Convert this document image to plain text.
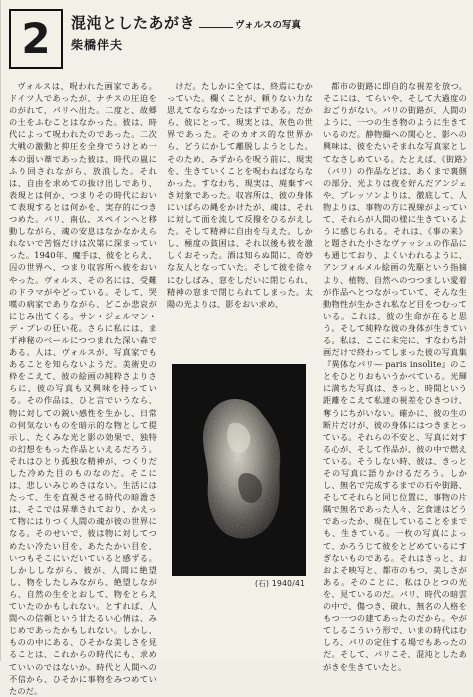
2 混沌としたあがき	ヴォルスの写真
柴橋伴夫

ヴォルスは、呪われた画家である。ドイツ人であったが、ナチスの圧迫をのがれて、パリへ出た。二度と、故郷の土をふむことはなかった。彼は、時代によって呪われたのであった。二次大戦の激動と抑圧を全身でうけとめ一本の弱い葦であった彼は、時代の嵐にふり回されながら、放浪した。それは、自由を求めての抜け出しであり、表現とは何か、つまりその時代において表現するとは何かを、実存的につきつめた。パリ、南仏、スペインへと移動しながら、魂の安息はなかなかえられないで苦悩だけは次第に深まっていった。1940年、魔手は、彼をとらえ、囚の世界へ、つまり収容所へ彼をおいやった。ヴォルス、その名には、受難のドラマがやどっている。そして、哭嘆の病家でありながら、どこか悲哀がにじみ出てくる。サン・ジェルマン・デ・プレの狂い花。さらに私には、まず神秘のベールにつつまれた深い森である。人は、ヴォルスが、写真家でもあることを知らないようだ。美術史の枠をこえて、彼の絵画の純粋さよりさらに、彼の写真も又興味を持っている。その作品は、ひと言でいうなら、物に対しての鋭い感性を生かし、日常の何気ないものを暗示的な物として提示し、たくみな光と影の効果で、独特の幻想をもった作品といえるだろう。それはひとり孤独な精神が、つくりだした冷めた目のものなのだ。そこには、悲しいみじめさはない。生活にはたって、生を直視させる時代の暗澹さは、そこでは昇華されており、かえって物にはりつく人間の魂が彼の世界になる。そのせいで、彼は物に対してつめたい冷たい目を、あたたかい目を、いつもそこにいだいていると感ずる。しかししながら、彼が、人間に絶望し、物をしたしみながら、絶望しながら、自然の生をとおして、物をとらえていたのかもしれない。とすれば、人間への信頼という甘たるい心情は、みじめであったかもしれない。しかし、ものの中にある、ひそかな美しさを見ることは、これからの時代にも、求めていいのではないか。時代と人間への不信から、ひそかに事物をみつめていたのだ。

けだ。たしかに全ては、終焉にむかっていた。欄くことが、頼りない力な思えてならなかったはずである。だから、彼にとって、現実とは、灰色の世界であった。そのカオス的な世界から、どうにかして離脱しようとした。そのため、みずからを呪う前に、現実を、生きていくことを呪わねばならなかった。すなわち、現実は、廃棄すべき対象であった。収容所は、彼の身体にいばらの縄をかけたが、魂は、それに対して面を流して反撥をひるがえした。そして精神に自由を与えた。しかし、極度の貧困は、それ以後も彼を激しくおそった。酒は知らぬ間に、奇妙な友人となっていた。そして彼を徐々にむしばみ、窓をしだいに閉じられ、精神の窓まで閉じられてしまった。太陽の光よりは、影をおい求め、

都市の街路に即自的な視差を放つ。そこには、てらいや、そして大過度のおごりがない。パリの街路が、人間のように、一つの生き物のように生きているのだ。静物撮への関心と、影への興味は、彼をたいそまれな写真家としてなさしめている。たとえば、《街路》（パリ）の作品などは、あくまで裏側の部分、光よりは夜を好んだアンジェや、プレッソンよりは、徹底して、人物よりは、事物の方に視線がよっていて、それらが人間の様に生きているように感じられる。それは、《事の来》と題された小さなヴァッシュの作品にも通じており、よくいわれるように、アンフォルメル絵画の先駆という指摘より、植物、自然へのつつましい愛着が作品へとつながっていて、そんな生動物性が生かされ私など目をつむっている。これは、彼の生命が在ると思う。そして純粋な彼の身体が生きている。私は、ここに未完に、すなわち計画だけで終わってしまった彼の写真集『異体なパリ— paris insolite』のことをひとりおもいうかべている。光輝に満ちた写真は、きっと、時間という距離をこえて私達の視差をひきつけ、奪うにちがいない。確かに、彼の生の断片だけが、彼の身体にはつきまとっている。それらの不安と、写真に対する心が、そして作品が、彼の中で燃えている。そうしない時、彼は、きっとその写真に語りかけるだろう。しかし、無名で完成するまでの石や街路、そしてそれらと同じ位置に、事物の片隅で無名であった人々、乞食達はどうであったか、現在していることをまでも、生きている。一枚の写真によって、かろうじて彼をとどめているにすぎないものである。それはきっと、おおよそ映写と、都市のもつ、美しさがある。そのことに、私はひとつの光を、見ているのだ。パリ、時代の暗雲の中で、傷つき、破れ、無名の人格をもつ一つの建てあったのだから。やがてしるこういう形で、いまの時代はむしろ、パリの定住する場でもあったのだ。そして、パリこそ、混沌としたあがきを生きていたと。

(石) 1940/41
